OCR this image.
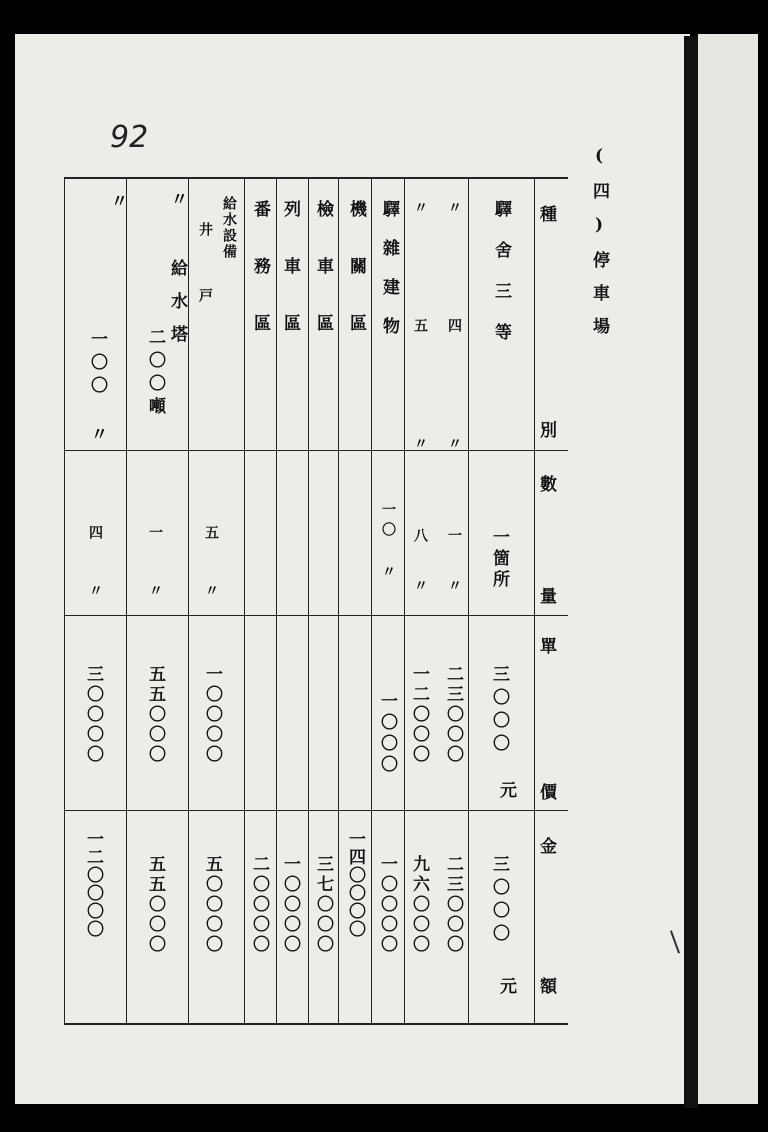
92
(四)停車場
種
別
數
量
單
價
金
額
驛舍三等
一箇所
三〇〇〇
三〇〇〇
元
元
〃 四 〃
一 〃
二三〇〇〇
二三〇〇〇
〃 五 〃
八 〃
一二〇〇〇
九六〇〇〇
驛雜建物
一〇 〃
一〇〇〇
一〇〇〇〇
機關區
一四〇〇〇〇
檢車區
三七〇〇〇
列車區
一〇〇〇〇
番務區
二〇〇〇〇
給水設備
井戸
五 〃
一〇〇〇〇
五〇〇〇〇
〃 給水塔
二〇〇噸
一 〃
五五〇〇〇
五五〇〇〇
〃
一〇〇 〃
四 〃
三〇〇〇〇
一二〇〇〇〇
